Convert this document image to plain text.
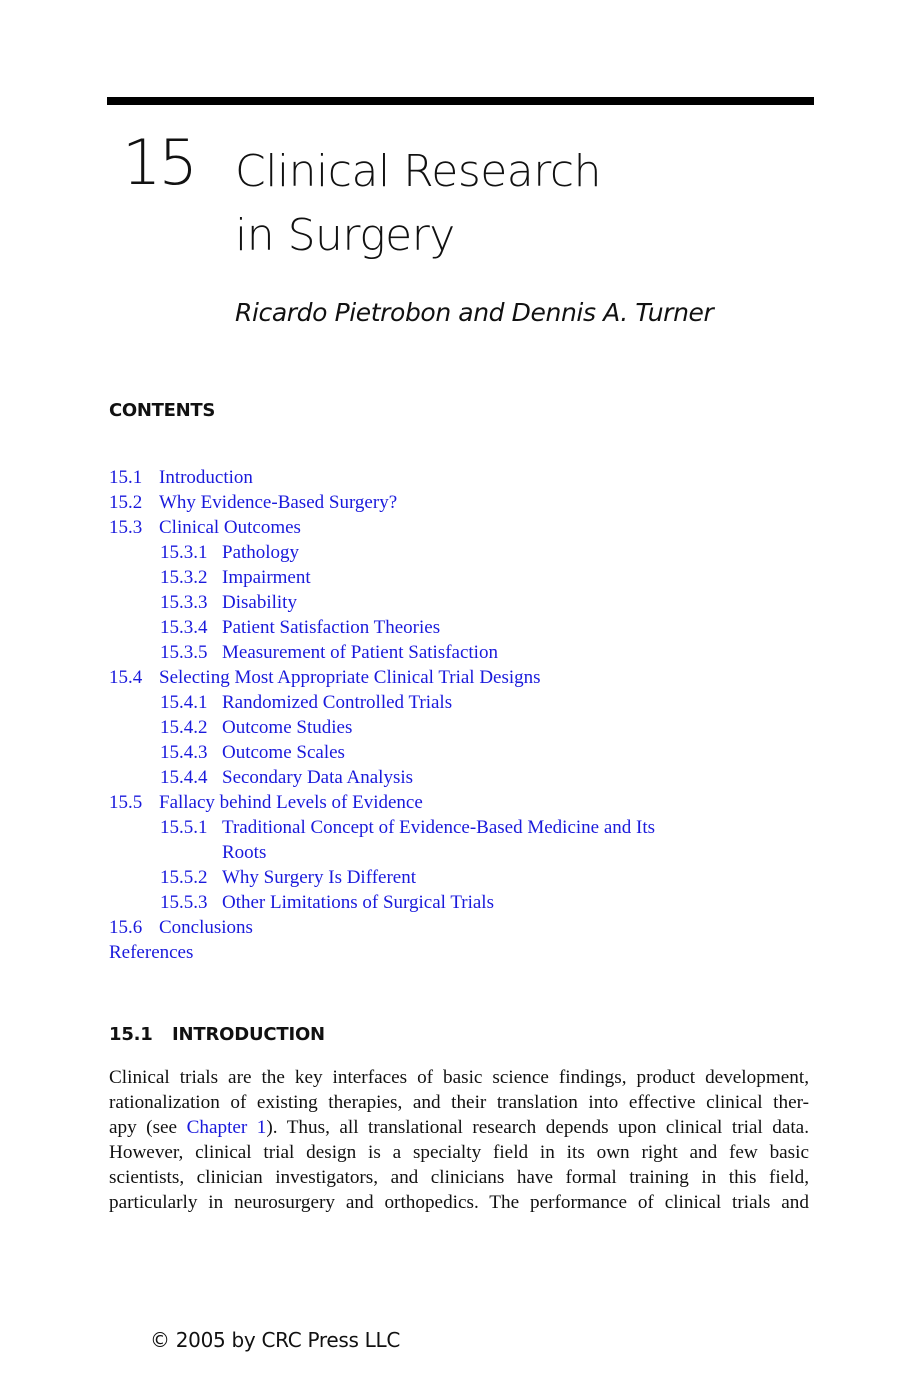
15 Clinical Research
in Surgery
Ricardo Pietrobon and Dennis A. Turner
CONTENTS
15.1 Introduction
15.2 Why Evidence-Based Surgery?
15.3 Clinical Outcomes
15.3.1 Pathology
15.3.2 Impairment
15.3.3 Disability
15.3.4 Patient Satisfaction Theories
15.3.5 Measurement of Patient Satisfaction
15.4 Selecting Most Appropriate Clinical Trial Designs
15.4.1 Randomized Controlled Trials
15.4.2 Outcome Studies
15.4.3 Outcome Scales
15.4.4 Secondary Data Analysis
15.5 Fallacy behind Levels of Evidence
15.5.1 Traditional Concept of Evidence-Based Medicine and Its
Roots
15.5.2 Why Surgery Is Different
15.5.3 Other Limitations of Surgical Trials
15.6 Conclusions
References
15.1 INTRODUCTION
Clinical trials are the key interfaces of basic science findings, product development,
rationalization of existing therapies, and their translation into effective clinical ther-
apy (see Chapter 1). Thus, all translational research depends upon clinical trial data.
However, clinical trial design is a specialty field in its own right and few basic
scientists, clinician investigators, and clinicians have formal training in this field,
particularly in neurosurgery and orthopedics. The performance of clinical trials and
© 2005 by CRC Press LLC
